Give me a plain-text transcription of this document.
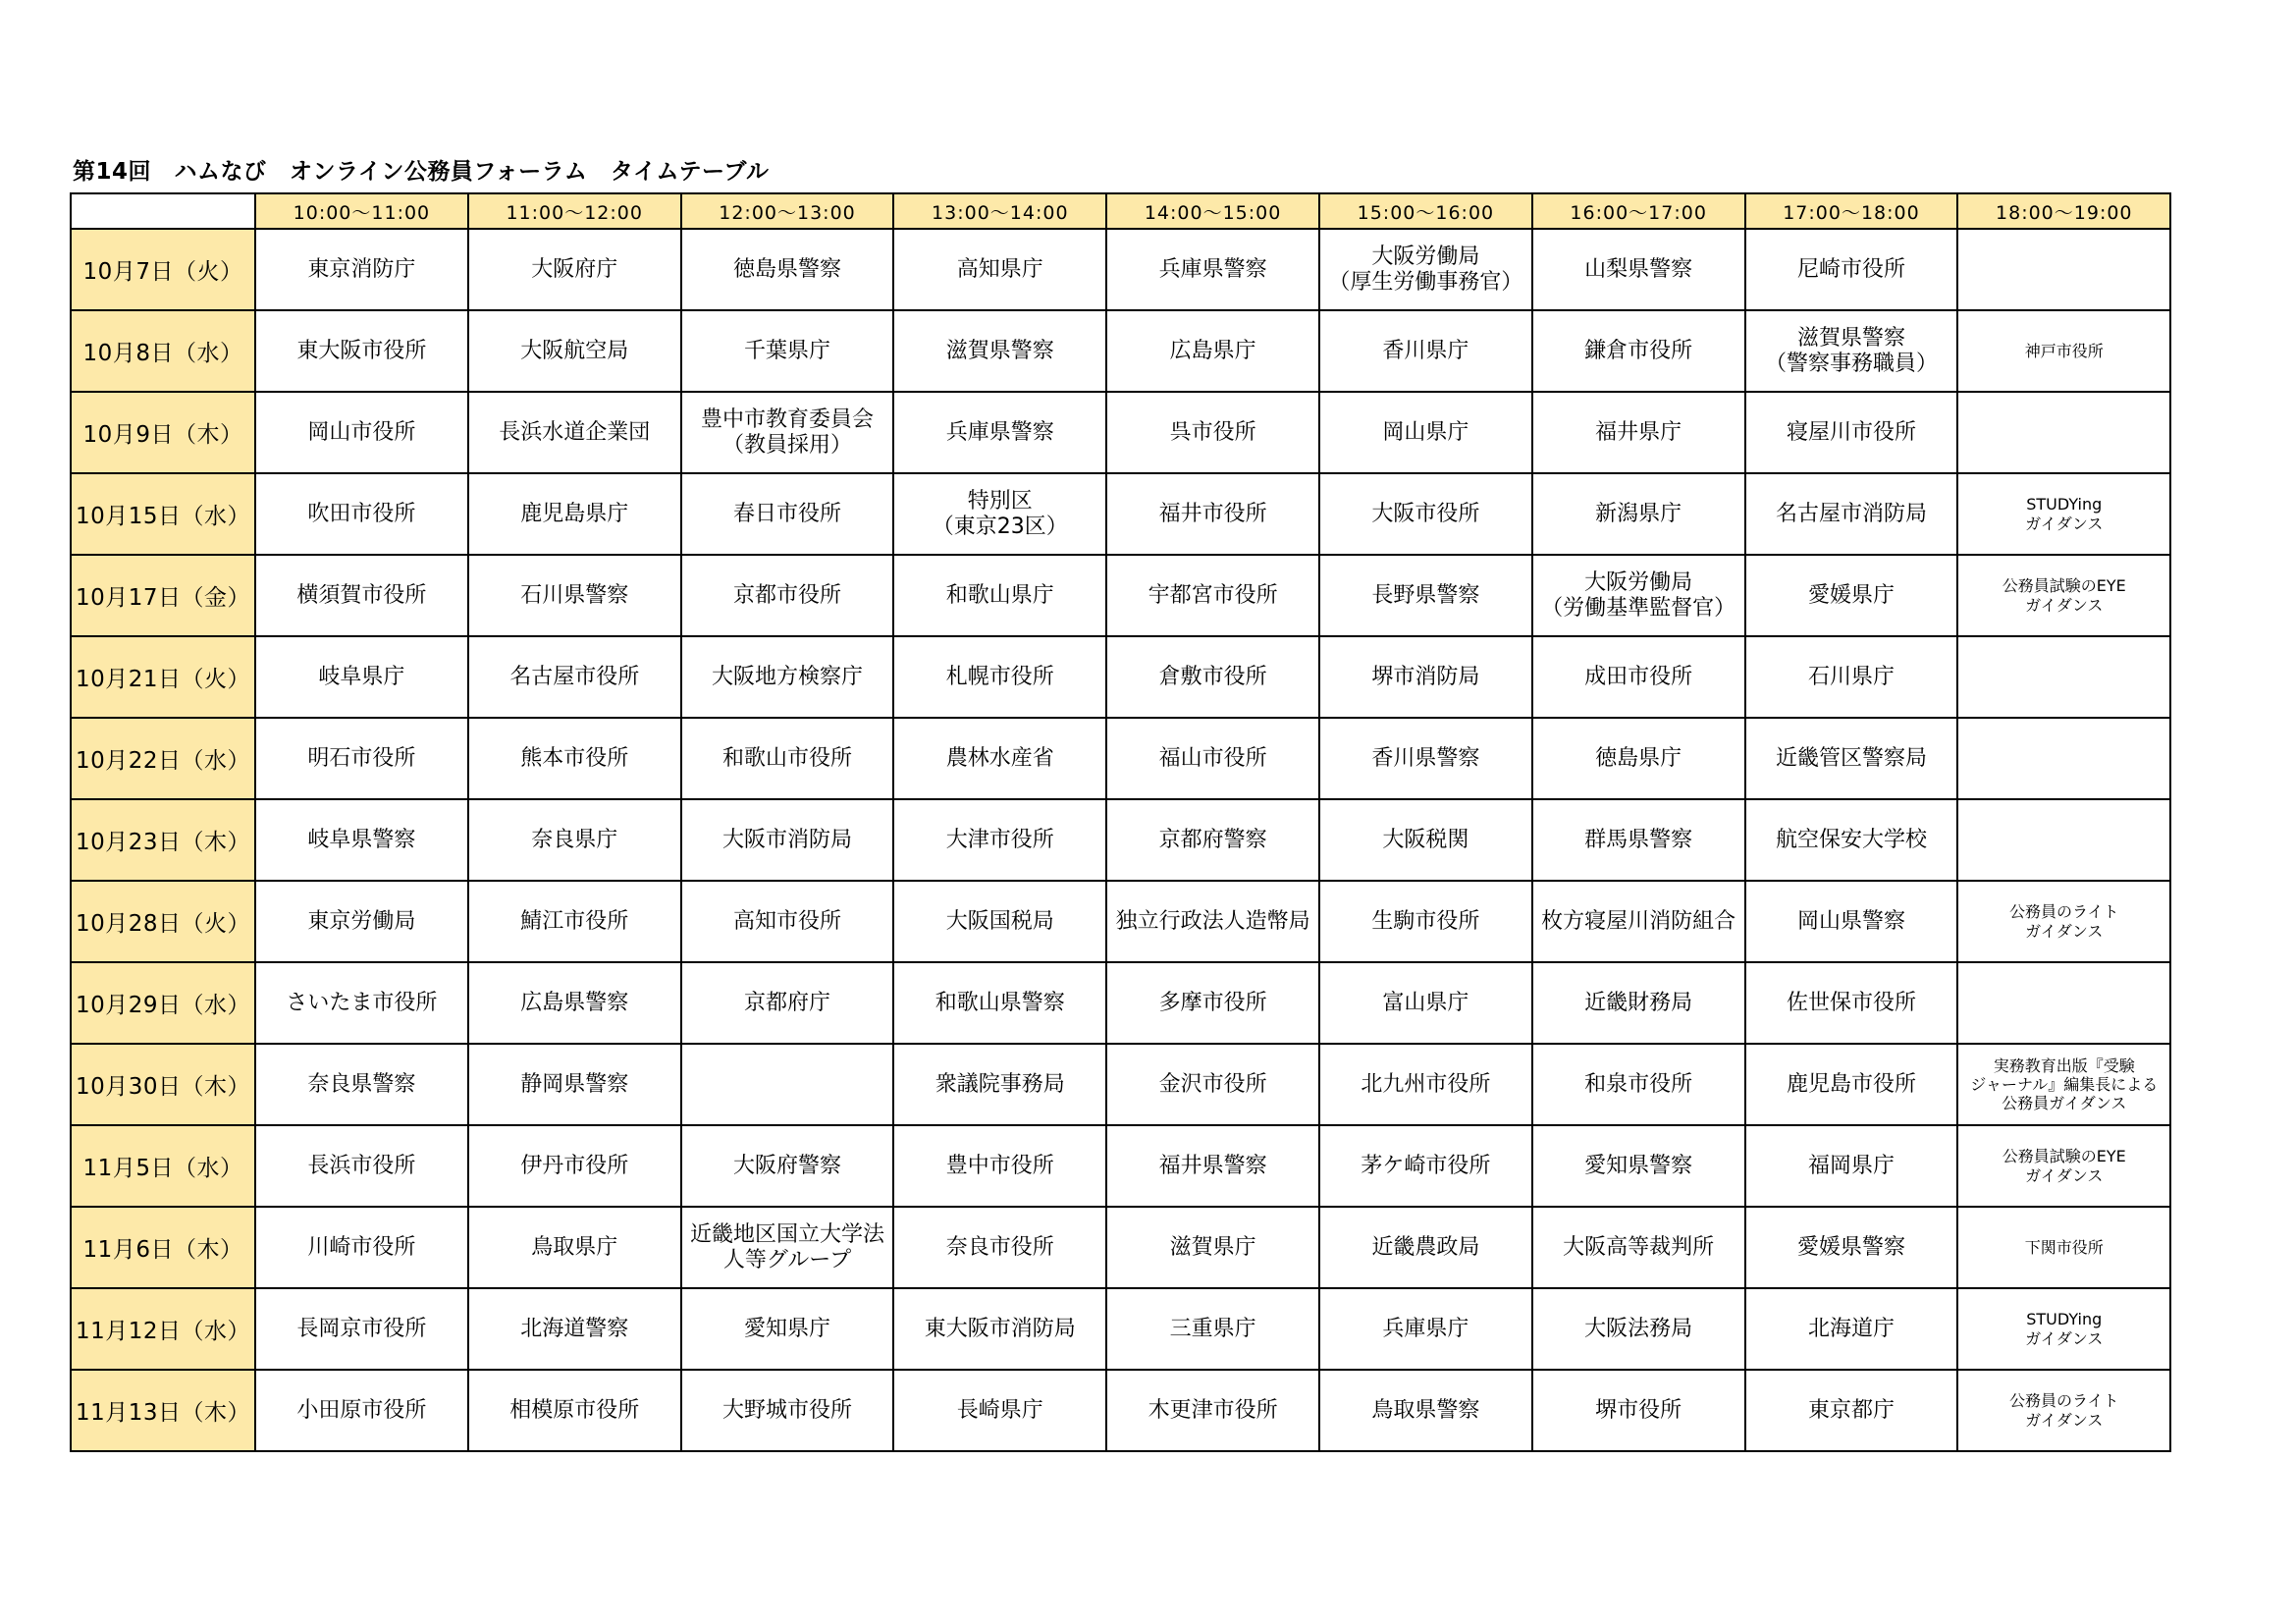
第14回　ハムなび　オンライン公務員フォーラム　タイムテーブル
	10:00～11:00	11:00～12:00	12:00～13:00	13:00～14:00	14:00～15:00	15:00～16:00	16:00～17:00	17:00～18:00	18:00～19:00
10月7日（火）	東京消防庁	大阪府庁	徳島県警察	高知県庁	兵庫県警察	大阪労働局
（厚生労働事務官）	山梨県警察	尼崎市役所	
10月8日（水）	東大阪市役所	大阪航空局	千葉県庁	滋賀県警察	広島県庁	香川県庁	鎌倉市役所	滋賀県警察
（警察事務職員）	神戸市役所
10月9日（木）	岡山市役所	長浜水道企業団	豊中市教育委員会
（教員採用）	兵庫県警察	呉市役所	岡山県庁	福井県庁	寝屋川市役所	
10月15日（水）	吹田市役所	鹿児島県庁	春日市役所	特別区
（東京23区）	福井市役所	大阪市役所	新潟県庁	名古屋市消防局	STUDYing
ガイダンス
10月17日（金）	横須賀市役所	石川県警察	京都市役所	和歌山県庁	宇都宮市役所	長野県警察	大阪労働局
（労働基準監督官）	愛媛県庁	公務員試験のEYE
ガイダンス
10月21日（火）	岐阜県庁	名古屋市役所	大阪地方検察庁	札幌市役所	倉敷市役所	堺市消防局	成田市役所	石川県庁	
10月22日（水）	明石市役所	熊本市役所	和歌山市役所	農林水産省	福山市役所	香川県警察	徳島県庁	近畿管区警察局	
10月23日（木）	岐阜県警察	奈良県庁	大阪市消防局	大津市役所	京都府警察	大阪税関	群馬県警察	航空保安大学校	
10月28日（火）	東京労働局	鯖江市役所	高知市役所	大阪国税局	独立行政法人造幣局	生駒市役所	枚方寝屋川消防組合	岡山県警察	公務員のライト
ガイダンス
10月29日（水）	さいたま市役所	広島県警察	京都府庁	和歌山県警察	多摩市役所	富山県庁	近畿財務局	佐世保市役所	
10月30日（木）	奈良県警察	静岡県警察		衆議院事務局	金沢市役所	北九州市役所	和泉市役所	鹿児島市役所	実務教育出版『受験
ジャーナル』編集長による
公務員ガイダンス
11月5日（水）	長浜市役所	伊丹市役所	大阪府警察	豊中市役所	福井県警察	茅ケ崎市役所	愛知県警察	福岡県庁	公務員試験のEYE
ガイダンス
11月6日（木）	川崎市役所	鳥取県庁	近畿地区国立大学法
人等グループ	奈良市役所	滋賀県庁	近畿農政局	大阪高等裁判所	愛媛県警察	下関市役所
11月12日（水）	長岡京市役所	北海道警察	愛知県庁	東大阪市消防局	三重県庁	兵庫県庁	大阪法務局	北海道庁	STUDYing
ガイダンス
11月13日（木）	小田原市役所	相模原市役所	大野城市役所	長崎県庁	木更津市役所	鳥取県警察	堺市役所	東京都庁	公務員のライト
ガイダンス
